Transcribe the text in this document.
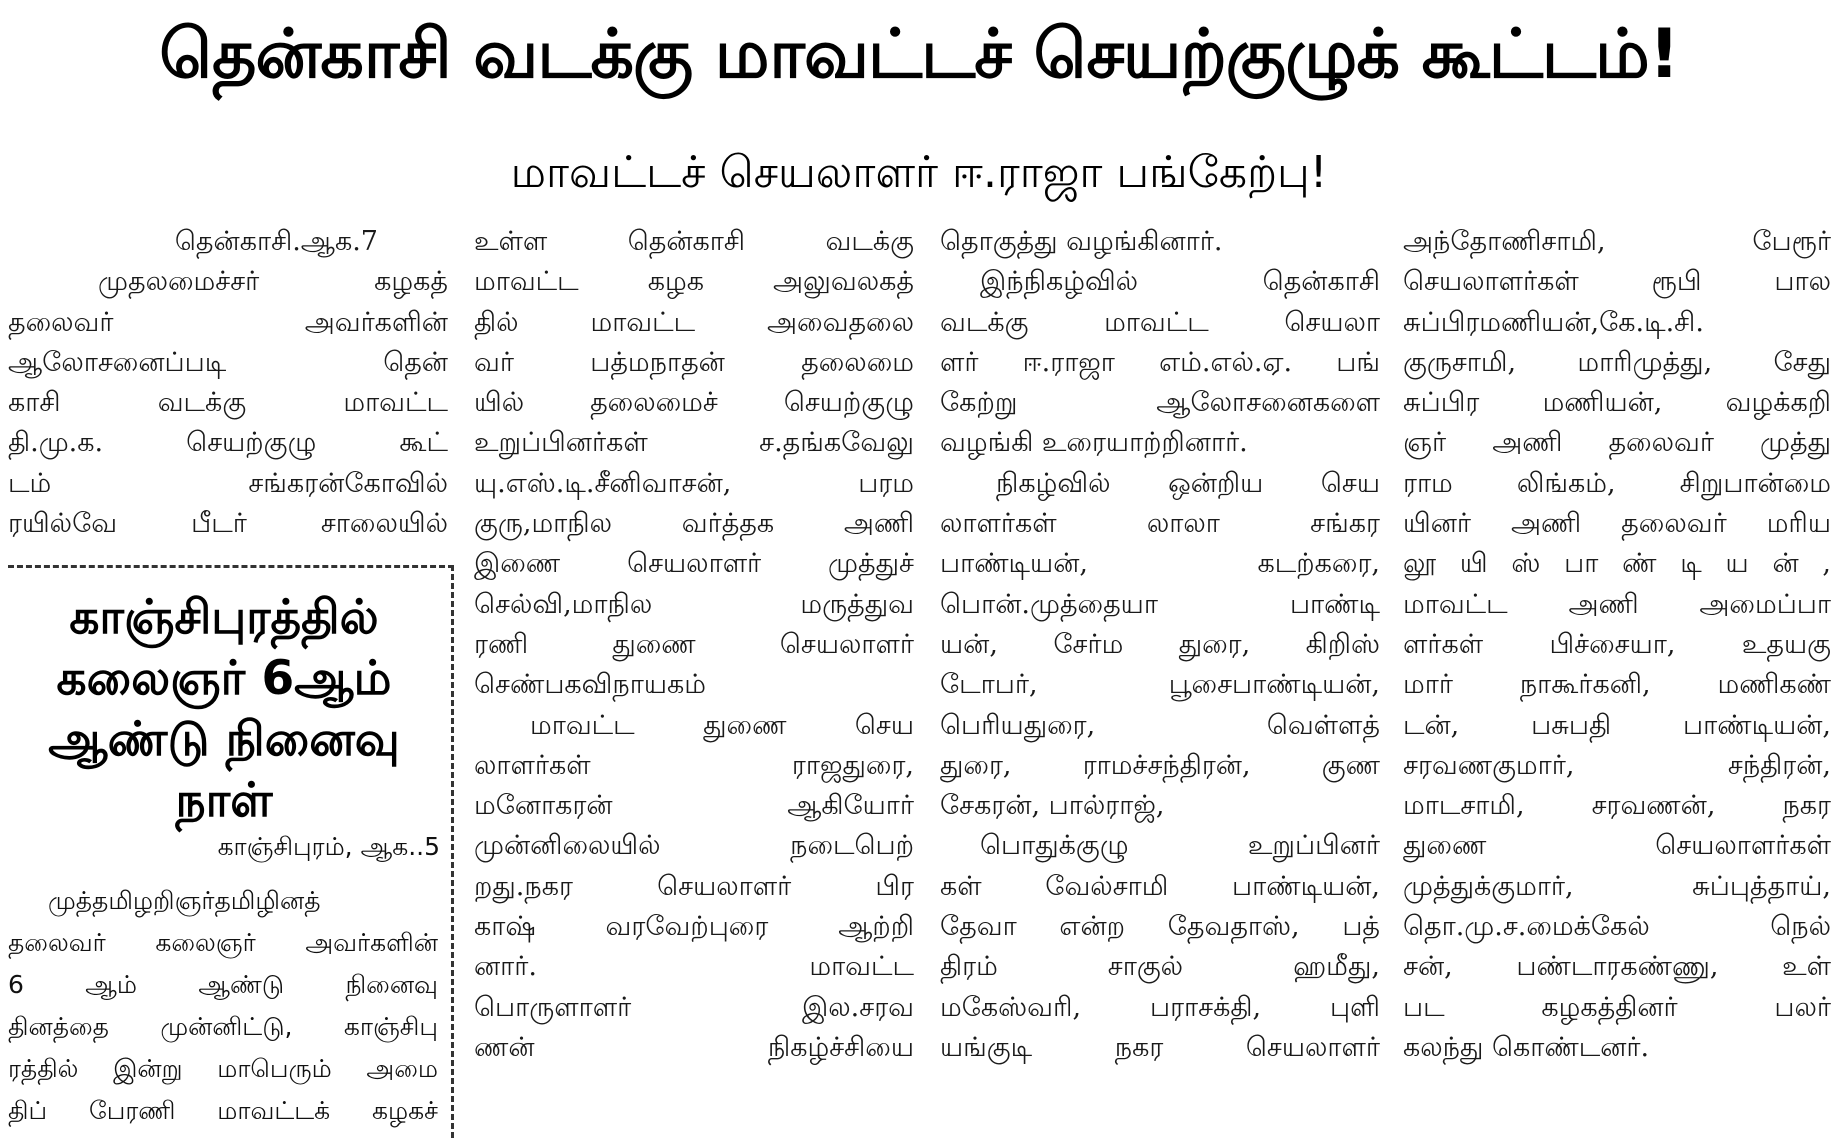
தென்காசி வடக்கு மாவட்டச் செயற்குழுக் கூட்டம்!
மாவட்டச் செயலாளர் ஈ.ராஜா பங்கேற்பு!

தென்காசி.ஆக.7

முதலமைச்சர் கழகத்

தலைவர் அவர்களின்

ஆலோசனைப்படி தென்

காசி வடக்கு மாவட்ட

தி.மு.க. செயற்குழு கூட்

டம் சங்கரன்கோவில்

ரயில்வே பீடர் சாலையில்

உள்ள தென்காசி வடக்கு

மாவட்ட கழக அலுவலகத்

தில் மாவட்ட அவைதலை

வர் பத்மநாதன் தலைமை

யில் தலைமைச் செயற்குழு

உறுப்பினர்கள் ச.தங்கவேலு

யு.எஸ்.டி.சீனிவாசன், பரம

குரு,மாநில வர்த்தக அணி

இணை செயலாளர் முத்துச்

செல்வி,மாநில மருத்துவ

ரணி துணை செயலாளர்

செண்பகவிநாயகம்

மாவட்ட துணை செய

லாளர்கள் ராஜதுரை,

மனோகரன் ஆகியோர்

முன்னிலையில் நடைபெற்

றது.நகர செயலாளர் பிர

காஷ் வரவேற்புரை ஆற்றி

னார். மாவட்ட

பொருளாளர் இல.சரவ

ணன் நிகழ்ச்சியை

தொகுத்து வழங்கினார்.

இந்நிகழ்வில் தென்காசி

வடக்கு மாவட்ட செயலா

ளர் ஈ.ராஜா எம்.எல்.ஏ. பங்

கேற்று ஆலோசனைகளை

வழங்கி உரையாற்றினார்.

நிகழ்வில் ஒன்றிய செய

லாளர்கள் லாலா சங்கர

பாண்டியன், கடற்கரை,

பொன்.முத்தையா பாண்டி

யன், சேர்ம துரை, கிறிஸ்

டோபர், பூசைபாண்டியன்,

பெரியதுரை, வெள்ளத்

துரை, ராமச்சந்திரன், குண

சேகரன், பால்ராஜ்,

பொதுக்குழு உறுப்பினர்

கள் வேல்சாமி பாண்டியன்,

தேவா என்ற தேவதாஸ், பத்

திரம் சாகுல் ஹமீது,

மகேஸ்வரி, பராசக்தி, புளி

யங்குடி நகர செயலாளர்

அந்தோணிசாமி, பேரூர்

செயலாளர்கள் ரூபி பால

சுப்பிரமணியன்,கே.டி.சி.

குருசாமி, மாரிமுத்து, சேது

சுப்பிர மணியன், வழக்கறி

ஞர் அணி தலைவர் முத்து

ராம லிங்கம், சிறுபான்மை

யினர் அணி தலைவர் மரிய

லூ யி ஸ் பா ண் டி ய ன் ,

மாவட்ட அணி அமைப்பா

ளர்கள் பிச்சையா, உதயகு

மார் நாகூர்கனி, மணிகண்

டன், பசுபதி பாண்டியன்,

சரவணகுமார், சந்திரன்,

மாடசாமி, சரவணன், நகர

துணை செயலாளர்கள்

முத்துக்குமார், சுப்புத்தாய்,

தொ.மு.ச.மைக்கேல் நெல்

சன், பண்டாரகண்ணு, உள்

பட கழகத்தினர் பலர்

கலந்து கொண்டனர்.

காஞ்சிபுரத்தில் கலைஞர் 6ஆம் ஆண்டு நினைவு நாள்
காஞ்சிபுரம், ஆக..5

முத்தமிழறிஞர்தமிழினத்

தலைவர் கலைஞர் அவர்களின்

6 ஆம் ஆண்டு நினைவு

தினத்தை முன்னிட்டு, காஞ்சிபு

ரத்தில் இன்று மாபெரும் அமை

திப் பேரணி மாவட்டக் கழகச்
